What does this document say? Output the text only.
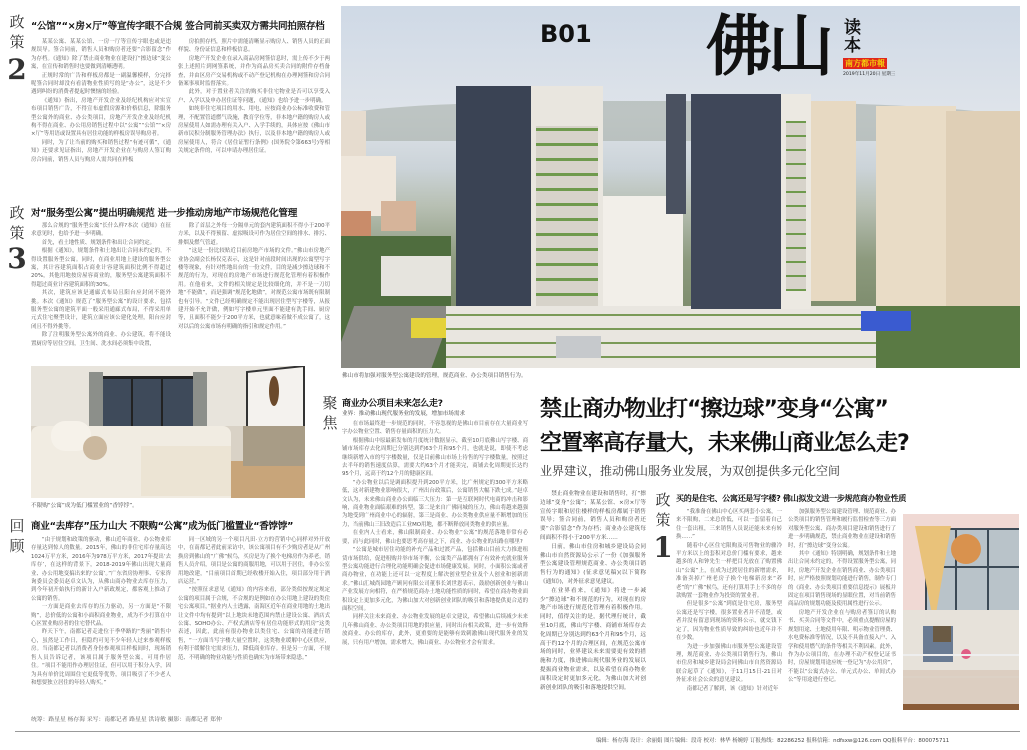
政
策
2
“公馆”“×房×厅”等宣传字眼不合规 签合同前买卖双方需共同拍照存档

某某公寓、某某公馆、一房一厅等宣传字眼也或是违规误导。签合同前，销售人员和购房者还要“合影留念”作为存档。《通知》除了禁止商业物业在建设打“擦边球”变公寓，在宣传和销售时也要做到清晰透明。

正规时常的广告和样板房都是一副温馨模样，分完择呢签合同时却没有看清物业性质写的是“办公”，这是不少遇到纠纷的消费者提起时懊恼的经验。

《通知》指出，房地产开发企业及经纪机构应对实宣布项目销售广告，不得宣布虚假房源和价格信息，除服务型公寓外的商业、办公类项目，房地产开发企业及经纪机构不得在商业、办公用房销售过程中以“公寓”“公馆”“×房×厅”等用语或设置具有居住功能的样板房误导购房者。

同时，为了让当前的购买和销售过程“有迹可循”，《通知》还要求见证指出，房地产开发企业在与购房人签订购房合同前，销售人员与购房人需共同在样板

房拍照存档，照片中需能清晰显示购房人、销售人员的正面样貌、身份证信息和样板信息。

房地产开发企业在录入商品房网签信息时，需上传不少于两张上述照片到网签系统，并作为商品房买卖合同的附件存档备查，并由区房产交易机构或不动产登记机构在办理网签和房合同备案事项时监督落实。

此外，对于置业者关注的购买非住宅物业是否可以享受入户、入学以及申办居住证等问题，《通知》也给予进一步明确。

如纯非住宅项目的用水、用电，应按商业办公标准收费和管理，不配置管道燃气设施，教育学位等，非本地户籍的购房人或房屋使用人如需办理有关入户、入学手续的，具体应按《佛山市新市民积分制服务管理办法》执行，以及非本地户籍的购房人或房屋使用人，符合《居住证暂行条例》(国务院令第663号)等相关规定条件的，可以申请办理居住证。

政
策
3
对“服务型公寓”提出明确规范 进一步推动房地产市场规范化管理

那么合规的“服务型公寓”长什么样?本次《通知》在征求意见时，也给予进一步明确。

首先，看土地性质、规划条件和出让合同约定。

根据《通知》，规划条件和土地出让合同未约定的，不得设置服务型公寓。同时，在商业用地上建设的服务型公寓，其计容建筑面积占商业计容建筑面积比例不得超过20%，其他用地按房屋容商业的，服务型公寓建筑面积不得超过商业计容建筑面积的30%。

其次，建筑应该是通廊式布局且阳台应封闭不能外挑。本次《通知》规范了“服务型公寓”的设计要求，包括服务型公寓的建筑平面一般采用通廊式布局，不得采用单元式住宅聚型设计，建筑立面应该公建化处理，阳台应封闭且不得外挑等。

除了注明服务型公寓外的商业、办公建筑，将不能设置厨房等居住空间，卫生间、洗水间必须集中设置，

除了首层之外每一分隔单元的套内建筑面积不得小于200平方米，以及不得预留、虚拟吸设可作为居住空间的排水、排污、排烟及燃气管道。

“这是一份比较贴近目前房地产市场的文件。”佛山市房地产业协会副会长杨仅克表示，这是针对前段时间出现的公寓型写字楼等现象，有针对性地出台的一份文件，目的是减少擦边球和不规范的行为，对现在的房地产市场进行规范化管理有着积极作用。在他看来，文件的相关规定是比较细化的，并不是一刀切地“不能做”，而是强调“规范化地做”，对规范公寓市场既有限制也有引导。“文件已经明确规定不能出现居住型写字楼等，从报建开始不允许做，例如写字楼单元里面不能建有洗手间、厨房等，且面积不能少于200平方米，也就意味着做不成公寓了，这对以后的公寓市场有明确的指引和规定作用。”

不限购“公寓”成为低门槛置业的“香饽饽”。
回
顾
商业“去库存”压力山大 不限购“公寓”成为低门槛置业“香饽饽”

“由于规划和政策的驱动，佛山近年商业、办公物业库存量达到惊人的数量。2015年，佛山的非住宅库存量高达1024万平方米，2016年为978万平方米，2017年提出‘去库存’，在这样的背景下，2018-2019年佛山出现大量商业、办公用地变搞出来的‘公寓’。”广东省房协理事、专家咨询委员会委员赵卓文认为，从佛山商办物业去库存压力，到今年初开始执行的新计入户新政规定，都客观上推动了公寓的销售。

一方面是商业去库存的压力驱动，另一方面是“不限购”，总价低的公寓和小面积商业物业，成为不少打算在中心区置业购房者的住宅替代品。

昨天下午，南都记者走进位于季华路的“秀丽”销售中心，虽然是工作日，但隐约可见不少年轻人过来参观样板房。当南都记者以消费者身份参观项目样板间时，现场销售人员告诉记者，该项目属于服务型公寓，可用作居住。“项目不能用作办理居住证，但可以用于积分入学，因为具有单价比周围住宅更低等优势，项目吸引了不少老人和想要独立居住的年轻人购买。”

同一区域的另一个项目凡田·立方的营销中心同样对外开放中，在南都记者此前采访中，该公寓项目有不少购房者是从广州换房到佛山的“广佛”候鸟，买房是为了换个电梯房作为养老，销售人员介绍，项目是公寓的商服用地，可以用于居住，非办公室用地改建，“目前项目首期已经收楼开始入住，项目部分用于酒店运营。”

“按照征求意见《通知》的内容来看，部分类似按规定规定公寓的项目属于合规，不合规的是例如在办公用地上建设的类住宅公寓项目，”据业内人士透露，南海区近年在商业用地的土地出让文件中均有提到“以上地块未地范围内禁止建设公寓、酒店式公寓、SOHO办公、产权式酒店等有居住功能形式的用房”这类表述，因此，此前有很办物业以类住宅、公寓的功能进行销售，“一方面当写字楼大量空置时，这类物业缓解中心区供应，有利于缓解住宅需求压力，降低商业库存。但是另一方面，不规范、不明确的物业功能与性质也确实为市场带来隐患。”

统筹：路星星 杨存海 采写：南都记者 路星星 洪诗敏 摄影：南都记者 郑仲
B01 佛山 读
本
南方都市報
2019年11月20日 星期三
佛山市将加强对服务型公寓建设的管理，规范商业、办公类项目销售行为。
聚
焦
商业办公项目未来怎么走?
业界：推动佛山现代服务业的发展，增加市场需求

在市场最终进一步规范的同时，不容忽视的是佛山市目前存在大量商业写字办公物业空置、销售存量面积的压力大。

根据佛山中原最新发布的月度统计数据显示，截至10月底佛山写字楼、商铺市场库存去化周期已分别达到约63个月和95个月，也就是说，即使不考虑继续新增入市的写字楼数量，仅是目前佛山市场上待售的写字楼数量，按照过去半年的销售速度估算，需要大约63个月才能卖完，商铺去化周期更长达约95个月，远高于约12个月的健康区间。

“办公物业以后是调面积提升到200平方米，比广州规定的300平方米略低，这对新建物业影响很大，广州出台政策后，公寓销售大幅下跌七成。”赵卓文认为，未来佛山商业办公面临三大压力：第一是互联网时代电商的冲击和影响，商业物业面临艰难的转型，第二是来自广佛同城的压力，佛山将越来越强为地受到广州商业中心的辐射，第三是商业、办公类物业供应量不断增加的压力，当前佛山三旧改造后工业MO用地，都不断释放同类物业的供应量。

在业内人士看来，佛山限制商业、办公物业“公寓”的规范落地非常有必要，而与此同时，佛山也要思考高存量之下，商业、办公物业的出路在哪里?

“公寓是城市居住功能的补充产品和过渡产品，包括佛山目前大力推进租赁市场供给，促进租购并举市场平衡，公寓类产品都拥有了有效补充就业服务型公寓功能进行合理化功能明确会促进市场健康发展。同时，小面积公寓或者商办物业，在功能上还可以一定程度上解决创业型企业及个人创业和创新需求。”佛山汇城尚园地产顾问有限公司董事长刘世恩表示，鼓励创新创业与佛山产业发展方向相符，在严格规范商办土地功能性质的同时，希望在商办物业面积设定上更加多元化，为佛山加大对创新创业团队的吸引和落地提供更合适的面积空间。

同样关注未来商业、办公物业发展的赵卓文建议，希望佛山后续减少未来几年佛山商业、办公类项目用地的供应量，同时出台相关政策，进一步有效释放商业、办公的库存，此外，更重要的是能够有效刺激佛山现代服务业的发展，只有用户增加，需求增大，佛山商业、办公物业才会有需求。

禁止商办物业打“擦边球”变身“公寓”
空置率高存量大，未来佛山商业怎么走?
业界建议，推动佛山服务业发展，为双创提供多元化空间

禁止商业物业在建设和销售时，打“擦边球”变身“公寓”；某某公馆、×房×厅等宣传字眼和居住楼样的样板房都属于销售误导；签合同前，销售人员和购房者还要“合影留念”作为存档；商业办公建筑每间面积不得小于200平方米……

日前，佛山市住房和城乡建设局会同佛山市自然资源局公示了一份《加强服务型公寓建设管理规范商业、办公类项目销售行为的通知》(征求意见稿)(以下简称《通知》)，对外征求意见建议。

在业界看来，《通知》将进一步减少“擦边球”和不规范的行为，对现在的房地产市场进行规范化管理有着积极作用。同时，值得关注的是，据代理行统计，截至10月底，佛山写字楼、商铺市场库存去化周期已分别达到约63个月和95个月，远高于约12个月的合理区间，在规范公寓市场的同时，业界建议未来需要更有效的措施和力度，推进佛山现代服务业的发展以提振商业物业需求，以及希望在商办物业面积设定时更加多元化，为佛山加大对创新创业团队的吸引和落地提供空间。

政
策
1
买的是住宅、公寓还是写字楼? 佛山拟发文进一步规范商办物业性质

“我准备在佛山中心区买两套小公寓，一来不限购，二来总价低，可以一套留着自己住一套出租，三来销售人员说还能未来有转换……”

随着中心区住宅限购及可售物业的骤冷平方米以上的套积对总价门槛有要求，越来越多的人和钟先生一样把目光放在了购置佛山“公寓”上，在成为过渡居住的新增需求，准备卖掉广州老房子换个电梯新房来“养老”的“广佛”候鸟，还有打算用手上不多的存款购置一套物业作为投资的置业者。

但是很多“公寓”到底是住宅房，服务型公寓还是写字楼，很多置业者并不清楚，或者并没有留意到现场的资料公示，就交钱下定了，因为物业性质导致的纠纷也近年并不在少数。

为进一步加强佛山市服务型公寓建设管理，规范商业、办公类项目销售行为，佛山市住房和城乡建设局会同佛山市自然资源局联合起草了《通知》，于11月15日-21日对外征求社会公众的意见建议。

南都记者了解到，该《通知》针对近年

加强服务型公寓建设管理、规范商业、办公类项目的销售管理和履行监督检查等三方面对服务型公寓、商办类项目建设和销售进行了进一步明确规范，禁止商业物业在建设和销售时，打“擦边球”变身公寓。

其中《通知》特别明确，规划条件和土地出让合同未约定的，不得设置服务型公寓，同时，房地产开发企业在销售商业、办公类项目时，应严格按照规划功能进行销售，制作专门的《商业、办公类项目重要信息提示》展板并固定在项目销售现场的显眼位置，对当前销售商品房的规划功能及使用属性进行公示。

房地产开发企业在与购房者签订的认购书、买卖合同等文件中，必须重点提醒房屋的规划用途、土地使用年限、明示物业管理费、水电费标准等情况，以及不具备直接入户、入学和使用燃气的条件等相关不利因素。此外，作为办公项目的，在办理不动产权登记证书时，房屋规划用途应统一登记为“办公用房”，不能以“公寓式办公、单元式办公、单间式办公”等用途进行登记。

编辑：杨存海 设计：余丽娟 图片编辑：段奇 校对：林华 杨婉婷 订报热线：82286252 报料信箱：ndfsxw@126.com QQ报料平台：800075711
